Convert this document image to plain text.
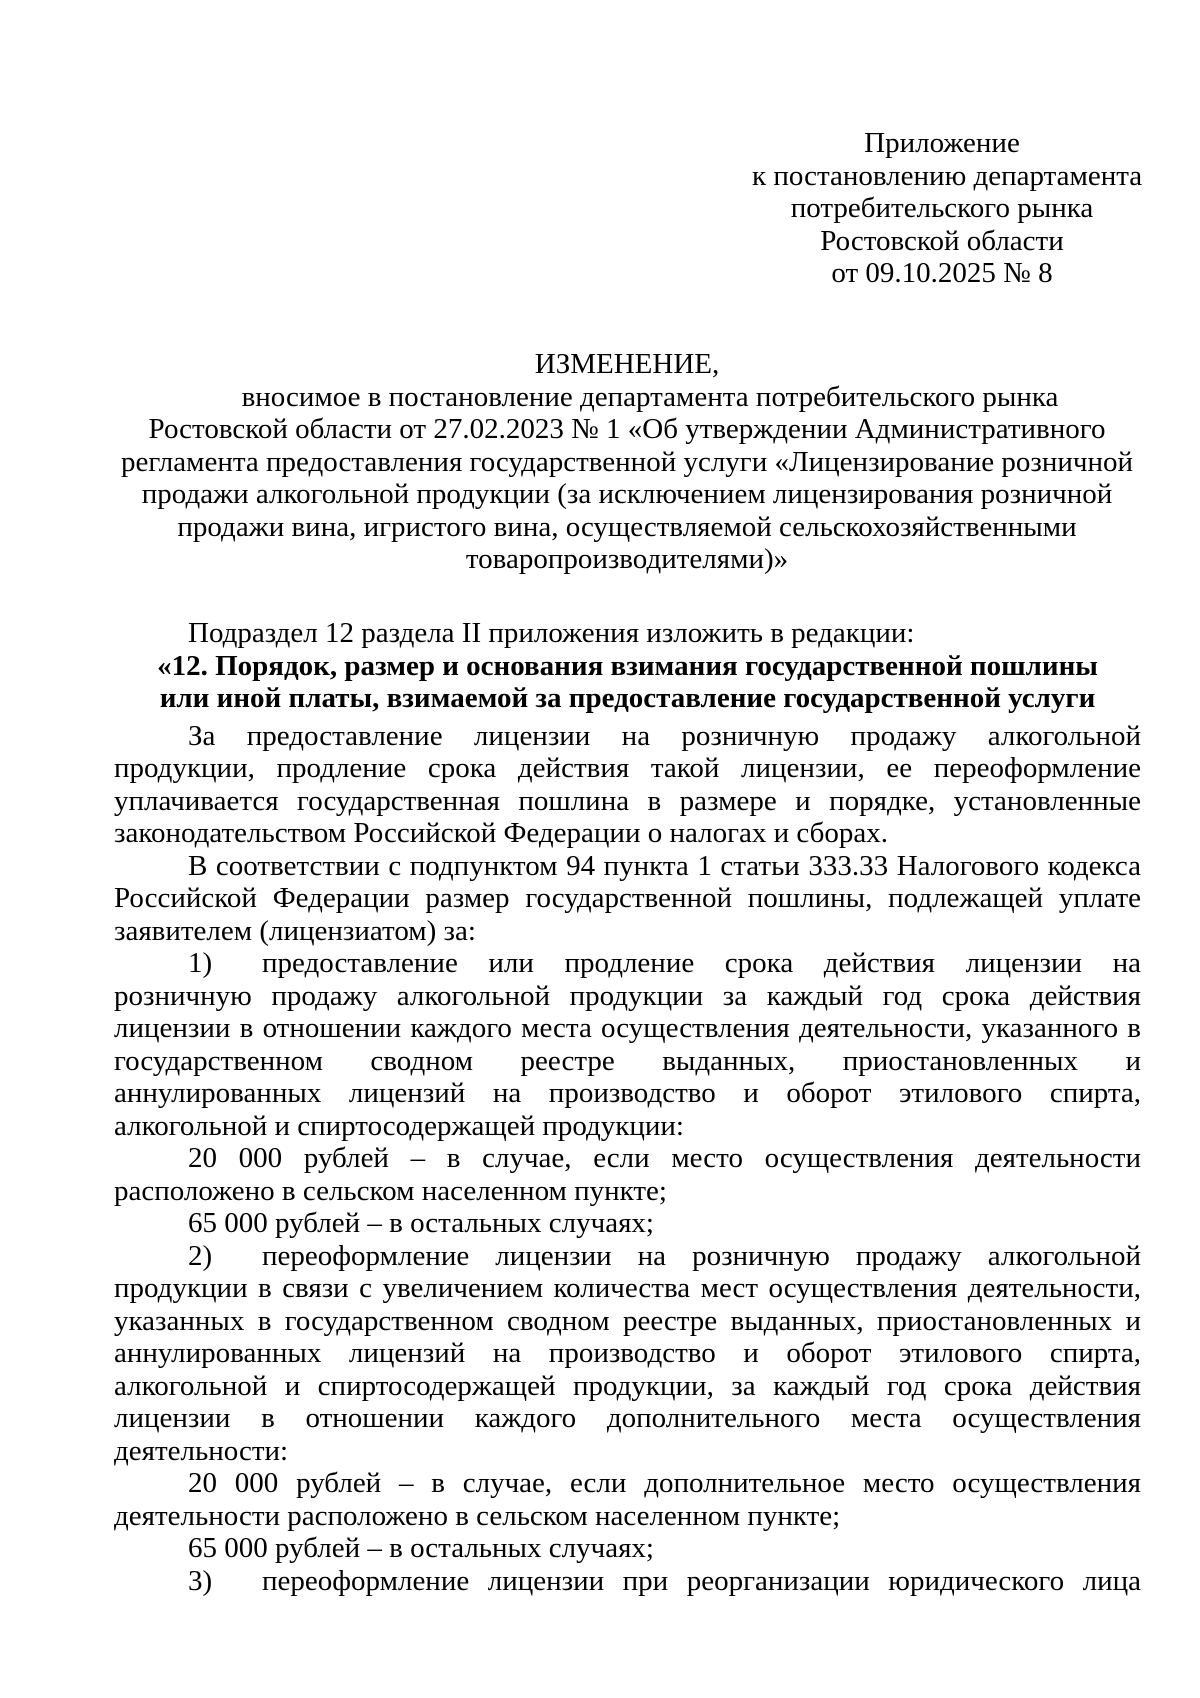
Приложение
к постановлению департамента
потребительского рынка
Ростовской области
от 09.10.2025 № 8
ИЗМЕНЕНИЕ,
вносимое в постановление департамента потребительского рынка
Ростовской области от 27.02.2023 № 1 «Об утверждении Административного
регламента предоставления государственной услуги «Лицензирование розничной
продажи алкогольной продукции (за исключением лицензирования розничной
продажи вина, игристого вина, осуществляемой сельскохозяйственными
товаропроизводителями)»

Подраздел 12 раздела II приложения изложить в редакции:

«12. Порядок, размер и основания взимания государственной пошлины

или иной платы, взимаемой за предоставление государственной услуги

За предоставление лицензии на розничную продажу алкогольной продукции, продление срока действия такой лицензии, ее переоформление уплачивается государственная пошлина в размере и порядке, установленные законодательством Российской Федерации о налогах и сборах.

В соответствии с подпунктом 94 пункта 1 статьи 333.33 Налогового кодекса Российской Федерации размер государственной пошлины, подлежащей уплате заявителем (лицензиатом) за:

1) предоставление или продление срока действия лицензии на розничную продажу алкогольной продукции за каждый год срока действия лицензии в отношении каждого места осуществления деятельности, указанного в государственном сводном реестре выданных, приостановленных и аннулированных лицензий на производство и оборот этилового спирта, алкогольной и спиртосодержащей продукции:

20 000 рублей – в случае, если место осуществления деятельности расположено в сельском населенном пункте;

65 000 рублей – в остальных случаях;

2) переоформление лицензии на розничную продажу алкогольной продукции в связи с увеличением количества мест осуществления деятельности, указанных в государственном сводном реестре выданных, приостановленных и аннулированных лицензий на производство и оборот этилового спирта, алкогольной и спиртосодержащей продукции, за каждый год срока действия лицензии в отношении каждого дополнительного места осуществления деятельности:

20 000 рублей – в случае, если дополнительное место осуществления деятельности расположено в сельском населенном пункте;

65 000 рублей – в остальных случаях;

3) переоформление лицензии при реорганизации юридического лица
